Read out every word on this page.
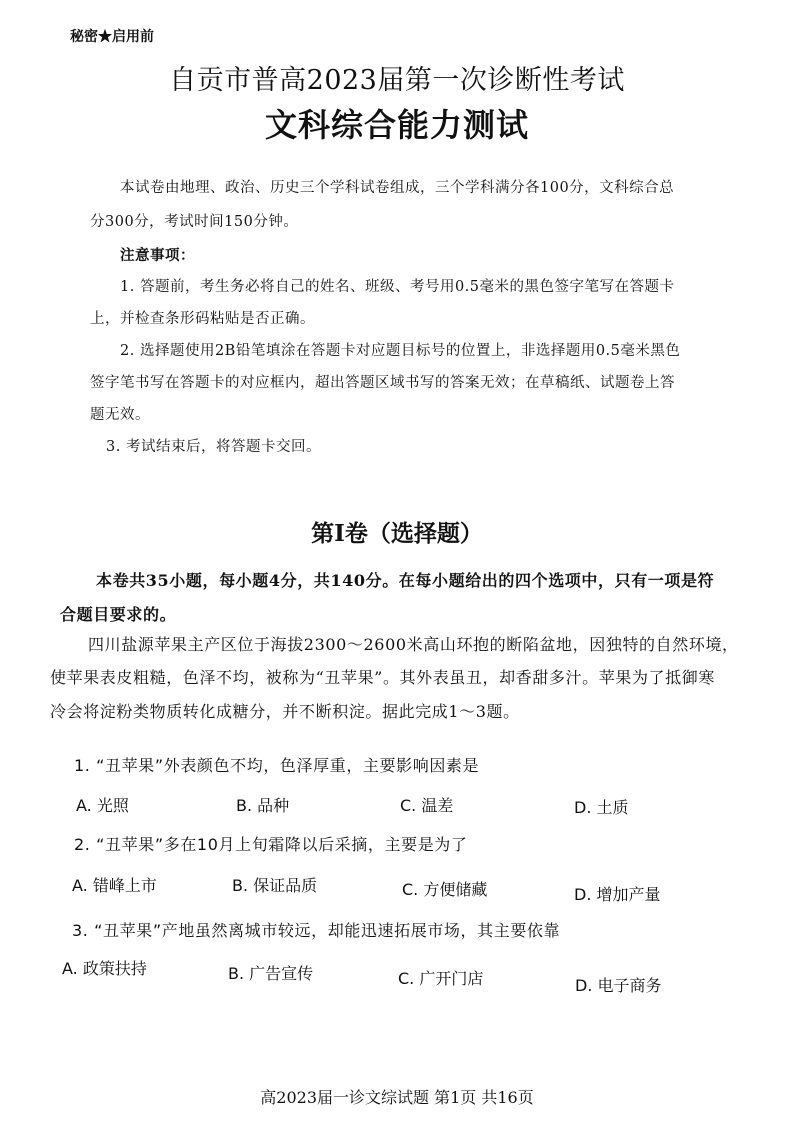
秘密★启用前
自贡市普高2023届第一次诊断性考试
文科综合能力测试
本试卷由地理、政治、历史三个学科试卷组成，三个学科满分各100分，文科综合总
分300分，考试时间150分钟。
注意事项：
1. 答题前，考生务必将自己的姓名、班级、考号用0.5毫米的黑色签字笔写在答题卡
上，并检查条形码粘贴是否正确。
2. 选择题使用2B铅笔填涂在答题卡对应题目标号的位置上，非选择题用0.5毫米黑色
签字笔书写在答题卡的对应框内，超出答题区域书写的答案无效；在草稿纸、试题卷上答
题无效。
3. 考试结束后，将答题卡交回。
第Ⅰ卷（选择题）
本卷共35小题，每小题4分，共140分。在每小题给出的四个选项中，只有一项是符
合题目要求的。
四川盐源苹果主产区位于海拔2300～2600米高山环抱的断陷盆地，因独特的自然环境，
使苹果表皮粗糙，色泽不均，被称为“丑苹果”。其外表虽丑，却香甜多汁。苹果为了抵御寒
冷会将淀粉类物质转化成糖分，并不断积淀。据此完成1～3题。
1. “丑苹果”外表颜色不均，色泽厚重，主要影响因素是
A. 光照	B. 品种	C. 温差	D. 土质
2. “丑苹果”多在10月上旬霜降以后采摘，主要是为了
A. 错峰上市	B. 保证品质	C. 方便储藏	D. 增加产量
3. “丑苹果”产地虽然离城市较远，却能迅速拓展市场，其主要依靠
A. 政策扶持	B. 广告宣传	C. 广开门店	D. 电子商务
高2023届一诊文综试题 第1页 共16页
